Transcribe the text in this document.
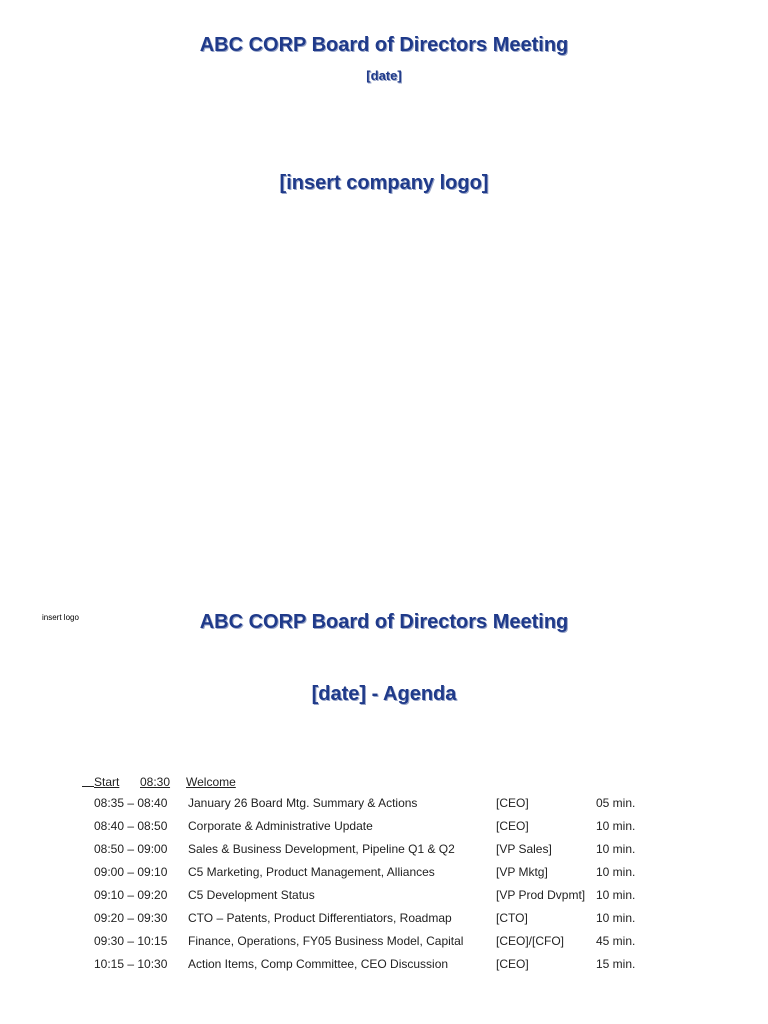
ABC CORP Board of Directors Meeting
[date]
[insert company logo]
insert logo	ABC CORP Board of Directors Meeting
[date] - Agenda
Start	08:30	Welcome
08:35 – 08:40	January 26 Board Mtg. Summary & Actions	[CEO]	05 min.
08:40 – 08:50	Corporate & Administrative Update	[CEO]	10 min.
08:50 – 09:00	Sales & Business Development, Pipeline Q1 & Q2	[VP Sales]	10 min.
09:00 – 09:10	C5 Marketing, Product Management, Alliances	[VP Mktg]	10 min.
09:10 – 09:20	C5 Development Status	[VP Prod Dvpmt] 10 min.
09:20 – 09:30	CTO – Patents, Product Differentiators, Roadmap	[CTO]	10 min.
09:30 – 10:15	Finance, Operations, FY05 Business Model, Capital	[CEO]/[CFO]	45 min.
10:15 – 10:30	Action Items, Comp Committee, CEO Discussion	[CEO]	15 min.
